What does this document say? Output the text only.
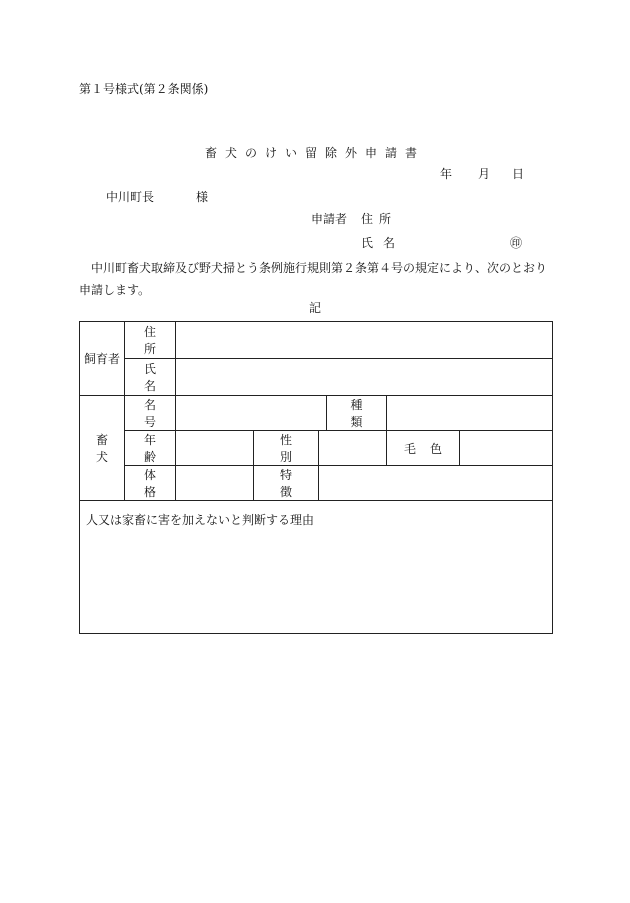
第１号様式(第２条関係)
畜犬のけい留除外申請書
年 月 日
中川町長	様
申請者 住所
氏名	㊞
中川町畜犬取締及び野犬掃とう条例施行規則第２条第４号の規定により、次のとおり申請します。
記
飼育者	住所						
	氏名						
畜犬	名号				種類		
	年齢		性別			毛色	
	体格		特徴				
人又は家畜に害を加えないと判断する理由							
